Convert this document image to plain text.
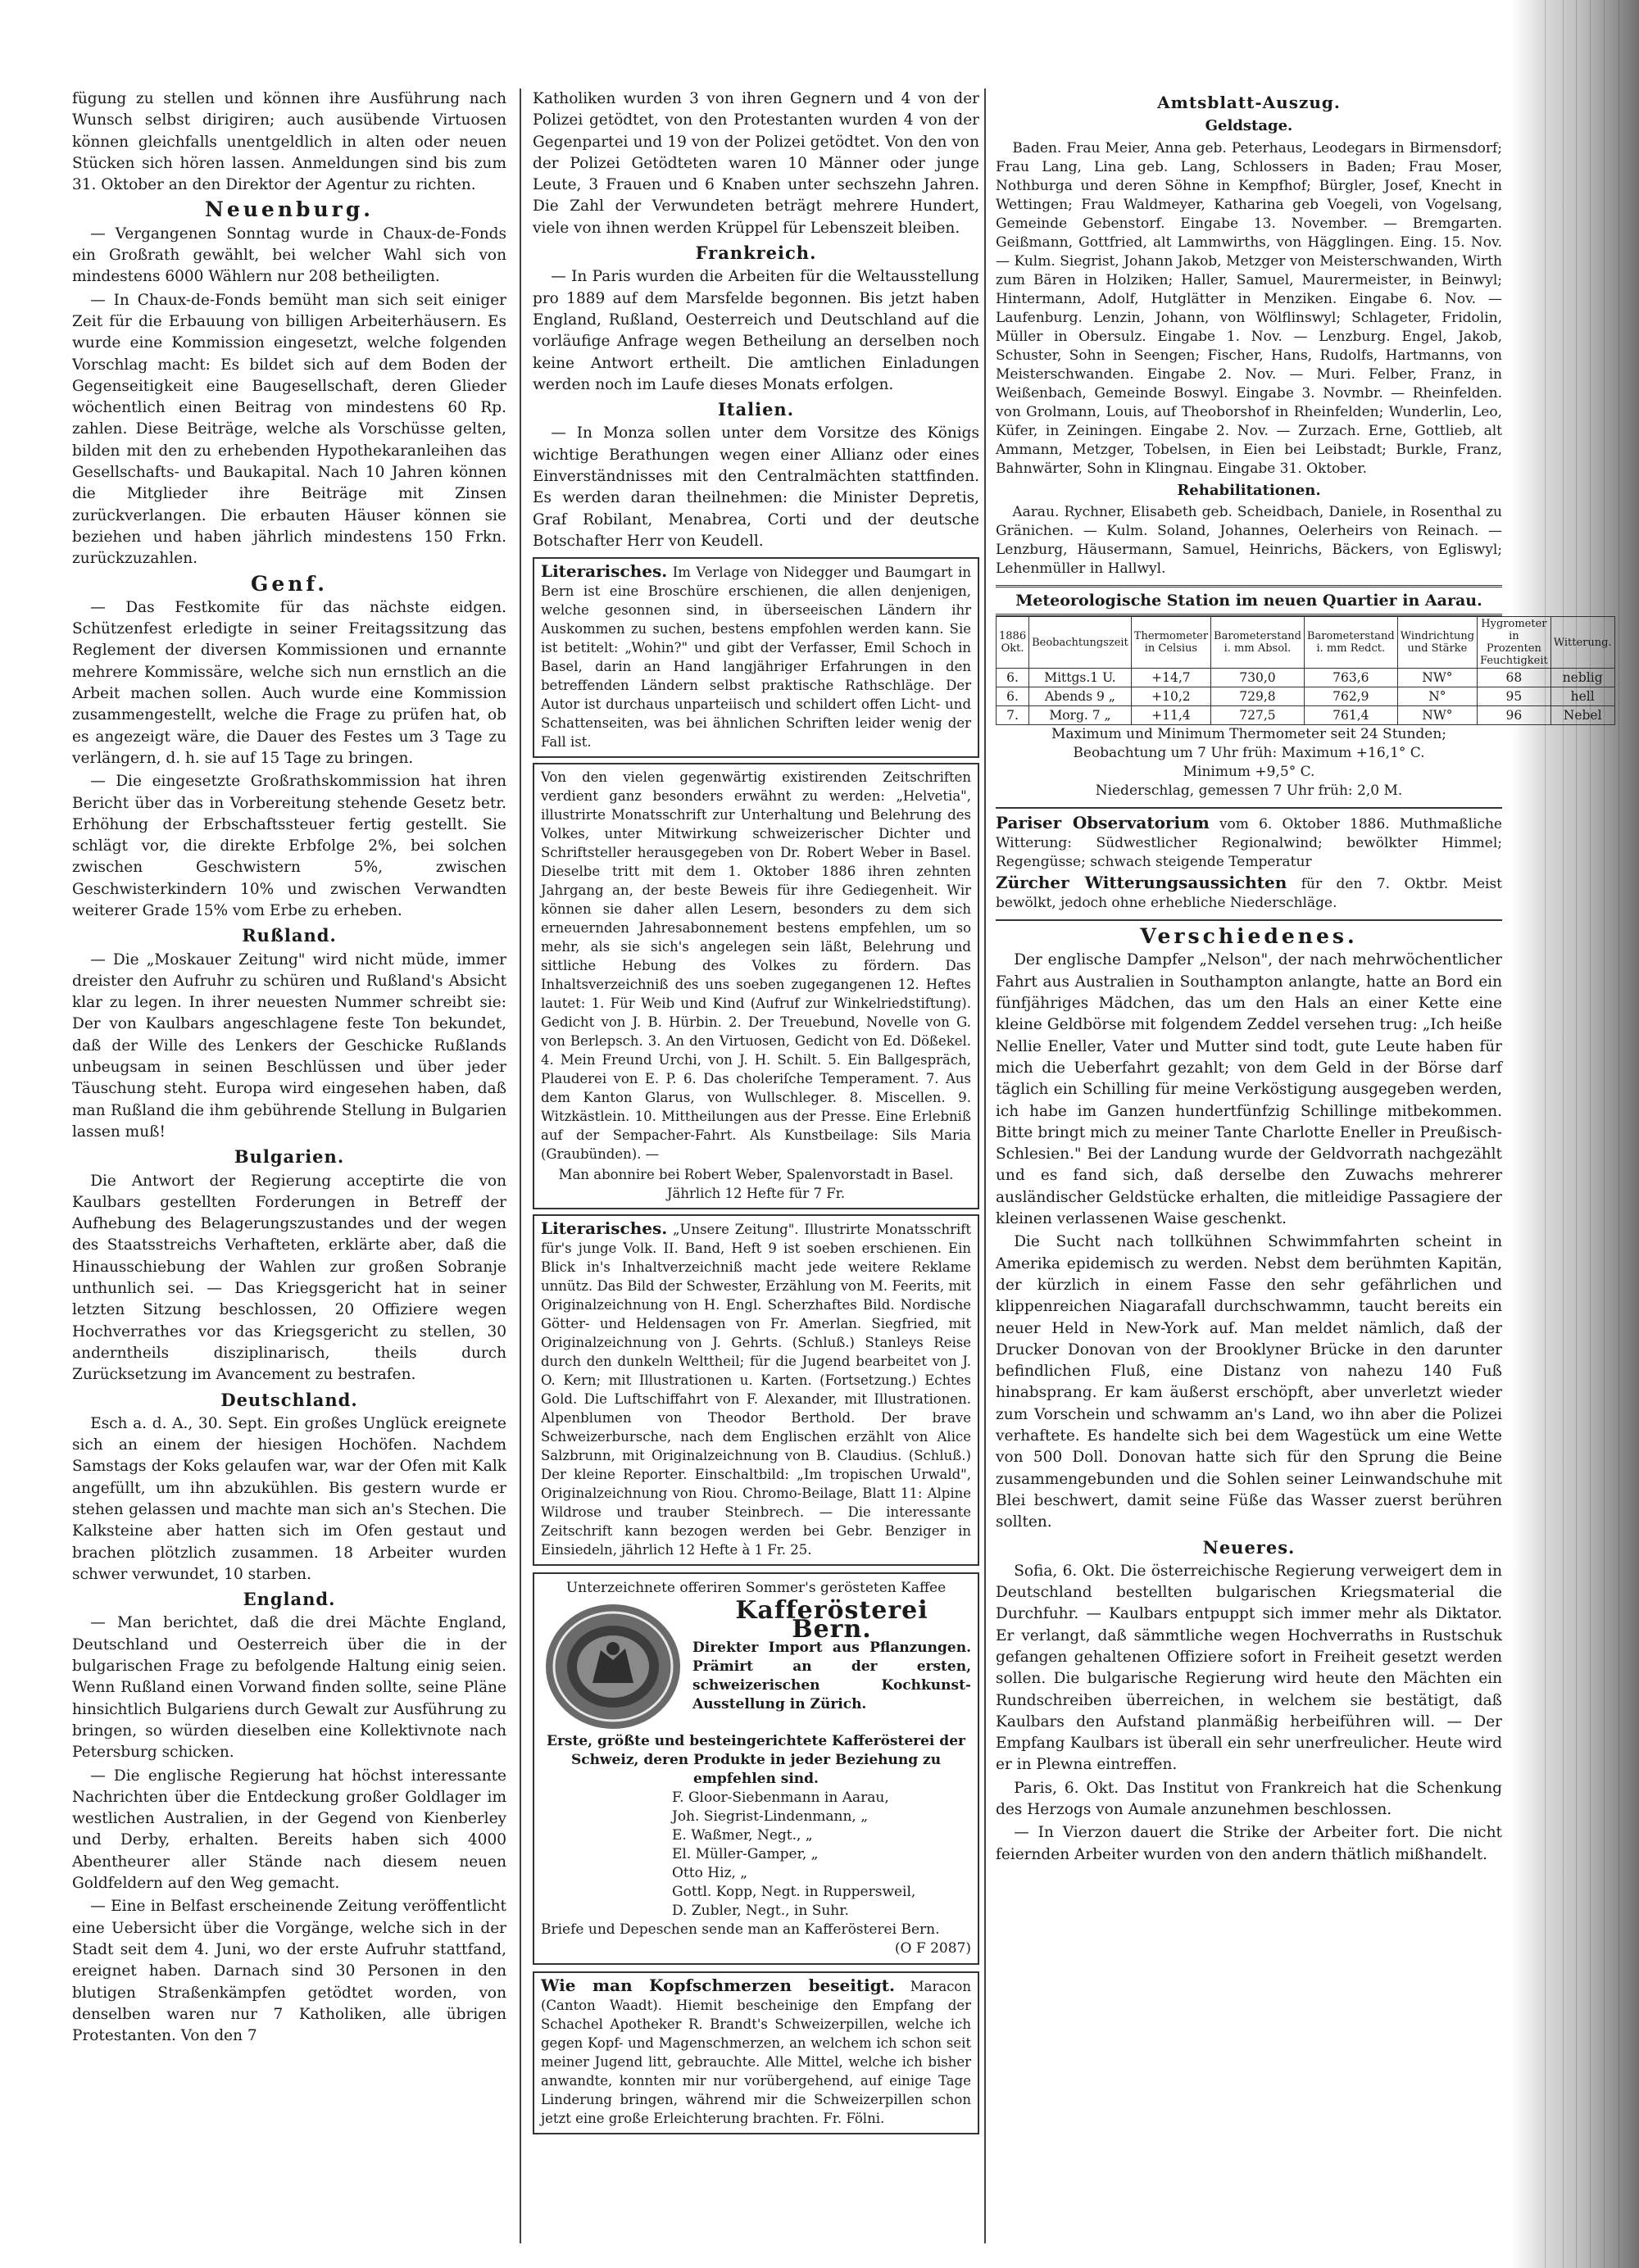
fügung zu stellen und können ihre Ausführung nach Wunsch selbst dirigiren; auch ausübende Virtuosen können gleichfalls unentgeldlich in alten oder neuen Stücken sich hören lassen. Anmeldungen sind bis zum 31. Oktober an den Direktor der Agentur zu richten.

Neuenburg.

— Vergangenen Sonntag wurde in Chaux-de-Fonds ein Großrath gewählt, bei welcher Wahl sich von mindestens 6000 Wählern nur 208 betheiligten.

— In Chaux-de-Fonds bemüht man sich seit einiger Zeit für die Erbauung von billigen Arbeiterhäusern. Es wurde eine Kommission eingesetzt, welche folgenden Vorschlag macht: Es bildet sich auf dem Boden der Gegenseitigkeit eine Baugesellschaft, deren Glieder wöchentlich einen Beitrag von mindestens 60 Rp. zahlen. Diese Beiträge, welche als Vorschüsse gelten, bilden mit den zu erhebenden Hypothekaranleihen das Gesellschafts- und Baukapital. Nach 10 Jahren können die Mitglieder ihre Beiträge mit Zinsen zurückverlangen. Die erbauten Häuser können sie beziehen und haben jährlich mindestens 150 Frkn. zurückzuzahlen.

Genf.

— Das Festkomite für das nächste eidgen. Schützenfest erledigte in seiner Freitagssitzung das Reglement der diversen Kommissionen und ernannte mehrere Kommissäre, welche sich nun ernstlich an die Arbeit machen sollen. Auch wurde eine Kommission zusammengestellt, welche die Frage zu prüfen hat, ob es angezeigt wäre, die Dauer des Festes um 3 Tage zu verlängern, d. h. sie auf 15 Tage zu bringen.

— Die eingesetzte Großrathskommission hat ihren Bericht über das in Vorbereitung stehende Gesetz betr. Erhöhung der Erbschaftssteuer fertig gestellt. Sie schlägt vor, die direkte Erbfolge 2%, bei solchen zwischen Geschwistern 5%, zwischen Geschwisterkindern 10% und zwischen Verwandten weiterer Grade 15% vom Erbe zu erheben.

Rußland.

— Die „Moskauer Zeitung" wird nicht müde, immer dreister den Aufruhr zu schüren und Rußland's Absicht klar zu legen. In ihrer neuesten Nummer schreibt sie: Der von Kaulbars angeschlagene feste Ton bekundet, daß der Wille des Lenkers der Geschicke Rußlands unbeugsam in seinen Beschlüssen und über jeder Täuschung steht. Europa wird eingesehen haben, daß man Rußland die ihm gebührende Stellung in Bulgarien lassen muß!

Bulgarien.

Die Antwort der Regierung acceptirte die von Kaulbars gestellten Forderungen in Betreff der Aufhebung des Belagerungszustandes und der wegen des Staatsstreichs Verhafteten, erklärte aber, daß die Hinausschiebung der Wahlen zur großen Sobranje unthunlich sei. — Das Kriegsgericht hat in seiner letzten Sitzung beschlossen, 20 Offiziere wegen Hochverrathes vor das Kriegsgericht zu stellen, 30 anderntheils disziplinarisch, theils durch Zurücksetzung im Avancement zu bestrafen.

Deutschland.

Esch a. d. A., 30. Sept. Ein großes Unglück ereignete sich an einem der hiesigen Hochöfen. Nachdem Samstags der Koks gelaufen war, war der Ofen mit Kalk angefüllt, um ihn abzukühlen. Bis gestern wurde er stehen gelassen und machte man sich an's Stechen. Die Kalksteine aber hatten sich im Ofen gestaut und brachen plötzlich zusammen. 18 Arbeiter wurden schwer verwundet, 10 starben.

England.

— Man berichtet, daß die drei Mächte England, Deutschland und Oesterreich über die in der bulgarischen Frage zu befolgende Haltung einig seien. Wenn Rußland einen Vorwand finden sollte, seine Pläne hinsichtlich Bulgariens durch Gewalt zur Ausführung zu bringen, so würden dieselben eine Kollektivnote nach Petersburg schicken.

— Die englische Regierung hat höchst interessante Nachrichten über die Entdeckung großer Goldlager im westlichen Australien, in der Gegend von Kienberley und Derby, erhalten. Bereits haben sich 4000 Abentheurer aller Stände nach diesem neuen Goldfeldern auf den Weg gemacht.

— Eine in Belfast erscheinende Zeitung veröffentlicht eine Uebersicht über die Vorgänge, welche sich in der Stadt seit dem 4. Juni, wo der erste Aufruhr stattfand, ereignet haben. Darnach sind 30 Personen in den blutigen Straßenkämpfen getödtet worden, von denselben waren nur 7 Katholiken, alle übrigen Protestanten. Von den 7

Katholiken wurden 3 von ihren Gegnern und 4 von der Polizei getödtet, von den Protestanten wurden 4 von der Gegenpartei und 19 von der Polizei getödtet. Von den von der Polizei Getödteten waren 10 Männer oder junge Leute, 3 Frauen und 6 Knaben unter sechszehn Jahren. Die Zahl der Verwundeten beträgt mehrere Hundert, viele von ihnen werden Krüppel für Lebenszeit bleiben.

Frankreich.

— In Paris wurden die Arbeiten für die Weltausstellung pro 1889 auf dem Marsfelde begonnen. Bis jetzt haben England, Rußland, Oesterreich und Deutschland auf die vorläufige Anfrage wegen Betheilung an derselben noch keine Antwort ertheilt. Die amtlichen Einladungen werden noch im Laufe dieses Monats erfolgen.

Italien.

— In Monza sollen unter dem Vorsitze des Königs wichtige Berathungen wegen einer Allianz oder eines Einverständnisses mit den Centralmächten stattfinden. Es werden daran theilnehmen: die Minister Depretis, Graf Robilant, Menabrea, Corti und der deutsche Botschafter Herr von Keudell.

Literarisches. Im Verlage von Nidegger und Baumgart in Bern ist eine Broschüre erschienen, die allen denjenigen, welche gesonnen sind, in überseeischen Ländern ihr Auskommen zu suchen, bestens empfohlen werden kann. Sie ist betitelt: „Wohin?" und gibt der Verfasser, Emil Schoch in Basel, darin an Hand langjähriger Erfahrungen in den betreffenden Ländern selbst praktische Rathschläge. Der Autor ist durchaus unparteiisch und schildert offen Licht- und Schattenseiten, was bei ähnlichen Schriften leider wenig der Fall ist.

Von den vielen gegenwärtig existirenden Zeitschriften verdient ganz besonders erwähnt zu werden: „Helvetia", illustrirte Monatsschrift zur Unterhaltung und Belehrung des Volkes, unter Mitwirkung schweizerischer Dichter und Schriftsteller herausgegeben von Dr. Robert Weber in Basel. Dieselbe tritt mit dem 1. Oktober 1886 ihren zehnten Jahrgang an, der beste Beweis für ihre Gediegenheit. Wir können sie daher allen Lesern, besonders zu dem sich erneuernden Jahresabonnement bestens empfehlen, um so mehr, als sie sich's angelegen sein läßt, Belehrung und sittliche Hebung des Volkes zu fördern. Das Inhaltsverzeichniß des uns soeben zugegangenen 12. Heftes lautet: 1. Für Weib und Kind (Aufruf zur Winkelriedstiftung). Gedicht von J. B. Hürbin. 2. Der Treuebund, Novelle von G. von Berlepsch. 3. An den Virtuosen, Gedicht von Ed. Dößekel. 4. Mein Freund Urchi, von J. H. Schilt. 5. Ein Ballgespräch, Plauderei von E. P. 6. Das choleriſche Temperament. 7. Aus dem Kanton Glarus, von Wullschleger. 8. Miscellen. 9. Witzkästlein. 10. Mittheilungen aus der Presse. Eine Erlebniß auf der Sempacher-Fahrt. Als Kunstbeilage: Sils Maria (Graubünden). —

Man abonnire bei Robert Weber, Spalenvorstadt in Basel. Jährlich 12 Hefte für 7 Fr.

Literarisches. „Unsere Zeitung". Illustrirte Monatsschrift für's junge Volk. II. Band, Heft 9 ist soeben erschienen. Ein Blick in's Inhaltverzeichniß macht jede weitere Reklame unnütz. Das Bild der Schwester, Erzählung von M. Feerits, mit Originalzeichnung von H. Engl. Scherzhaftes Bild. Nordische Götter- und Heldensagen von Fr. Amerlan. Siegfried, mit Originalzeichnung von J. Gehrts. (Schluß.) Stanleys Reise durch den dunkeln Welttheil; für die Jugend bearbeitet von J. O. Kern; mit Illustrationen u. Karten. (Fortsetzung.) Echtes Gold. Die Luftschiffahrt von F. Alexander, mit Illustrationen. Alpenblumen von Theodor Berthold. Der brave Schweizerbursche, nach dem Englischen erzählt von Alice Salzbrunn, mit Originalzeichnung von B. Claudius. (Schluß.) Der kleine Reporter. Einschaltbild: „Im tropischen Urwald", Originalzeichnung von Riou. Chromo-Beilage, Blatt 11: Alpine Wildrose und trauber Steinbrech. — Die interessante Zeitschrift kann bezogen werden bei Gebr. Benziger in Einsiedeln, jährlich 12 Hefte à 1 Fr. 25.

Unterzeichnete offeriren Sommer's gerösteten Kaffee
Kafferösterei Bern.
Direkter Import aus Pflanzungen. Prämirt an der ersten, schweizerischen Kochkunst-Ausstellung in Zürich.
Erste, größte und besteingerichtete Kafferösterei der Schweiz, deren Produkte in jeder Beziehung zu empfehlen sind.
F. Gloor-Siebenmann in Aarau,
Joh. Siegrist-Lindenmann, „
E. Waßmer, Negt., „
El. Müller-Gamper, „
Otto Hiz, „
Gottl. Kopp, Negt. in Ruppersweil,
D. Zubler, Negt., in Suhr.
Briefe und Depeschen sende man an Kafferösterei Bern.
(O F 2087)

Wie man Kopfschmerzen beseitigt. Maracon (Canton Waadt). Hiemit bescheinige den Empfang der Schachel Apotheker R. Brandt's Schweizerpillen, welche ich gegen Kopf- und Magenschmerzen, an welchem ich schon seit meiner Jugend litt, gebrauchte. Alle Mittel, welche ich bisher anwandte, konnten mir nur vorübergehend, auf einige Tage Linderung bringen, während mir die Schweizerpillen schon jetzt eine große Erleichterung brachten. Fr. Fölni.

Amtsblatt-Auszug.
Geldstage.

Baden. Frau Meier, Anna geb. Peterhaus, Leodegars in Birmensdorf; Frau Lang, Lina geb. Lang, Schlossers in Baden; Frau Moser, Nothburga und deren Söhne in Kempfhof; Bürgler, Josef, Knecht in Wettingen; Frau Waldmeyer, Katharina geb Voegeli, von Vogelsang, Gemeinde Gebenstorf. Eingabe 13. November. — Bremgarten. Geißmann, Gottfried, alt Lammwirths, von Hägglingen. Eing. 15. Nov. — Kulm. Siegrist, Johann Jakob, Metzger von Meisterschwanden, Wirth zum Bären in Holziken; Haller, Samuel, Maurermeister, in Beinwyl; Hintermann, Adolf, Hutglätter in Menziken. Eingabe 6. Nov. — Laufenburg. Lenzin, Johann, von Wölflinswyl; Schlageter, Fridolin, Müller in Obersulz. Eingabe 1. Nov. — Lenzburg. Engel, Jakob, Schuster, Sohn in Seengen; Fischer, Hans, Rudolfs, Hartmanns, von Meisterschwanden. Eingabe 2. Nov. — Muri. Felber, Franz, in Weißenbach, Gemeinde Boswyl. Eingabe 3. Novmbr. — Rheinfelden. von Grolmann, Louis, auf Theoborshof in Rheinfelden; Wunderlin, Leo, Küfer, in Zeiningen. Eingabe 2. Nov. — Zurzach. Erne, Gottlieb, alt Ammann, Metzger, Tobelsen, in Eien bei Leibstadt; Burkle, Franz, Bahnwärter, Sohn in Klingnau. Eingabe 31. Oktober.

Rehabilitationen.

Aarau. Rychner, Elisabeth geb. Scheidbach, Daniele, in Rosenthal zu Gränichen. — Kulm. Soland, Johannes, Oelerheirs von Reinach. — Lenzburg, Häusermann, Samuel, Heinrichs, Bäckers, von Egliswyl; Lehenmüller in Hallwyl.

Meteorologische Station im neuen Quartier in Aarau.
1886 Okt.	Beobachtungszeit	Thermometer in Celsius	Barometerstand i. mm Absol.	Barometerstand i. mm Redct.	Windrichtung und Stärke	Hygrometer in Prozenten Feuchtigkeit	Witterung.
6.	Mittgs.1 U.	+14,7	730,0	763,6	NW°	68	neblig
6.	Abends 9 „	+10,2	729,8	762,9	N°	95	hell
7.	Morg. 7 „	+11,4	727,5	761,4	NW°	96	Nebel
Maximum und Minimum Thermometer seit 24 Stunden;
Beobachtung um 7 Uhr früh: Maximum +16,1° C.
Minimum +9,5° C.
Niederschlag, gemessen 7 Uhr früh: 2,0 M.

Pariser Observatorium vom 6. Oktober 1886. Muthmaßliche Witterung: Südwestlicher Regionalwind; bewölkter Himmel; Regengüsse; schwach steigende Temperatur

Zürcher Witterungsaussichten für den 7. Oktbr. Meist bewölkt, jedoch ohne erhebliche Niederschläge.

Verschiedenes.

Der englische Dampfer „Nelson", der nach mehrwöchentlicher Fahrt aus Australien in Southampton anlangte, hatte an Bord ein fünfjähriges Mädchen, das um den Hals an einer Kette eine kleine Geldbörse mit folgendem Zeddel versehen trug: „Ich heiße Nellie Eneller, Vater und Mutter sind todt, gute Leute haben für mich die Ueberfahrt gezahlt; von dem Geld in der Börse darf täglich ein Schilling für meine Verköstigung ausgegeben werden, ich habe im Ganzen hundertfünfzig Schillinge mitbekommen. Bitte bringt mich zu meiner Tante Charlotte Eneller in Preußisch-Schlesien." Bei der Landung wurde der Geldvorrath nachgezählt und es fand sich, daß derselbe den Zuwachs mehrerer ausländischer Geldstücke erhalten, die mitleidige Passagiere der kleinen verlassenen Waise geschenkt.

Die Sucht nach tollkühnen Schwimmfahrten scheint in Amerika epidemisch zu werden. Nebst dem berühmten Kapitän, der kürzlich in einem Fasse den sehr gefährlichen und klippenreichen Niagarafall durchschwammn, taucht bereits ein neuer Held in New-York auf. Man meldet nämlich, daß der Drucker Donovan von der Brooklyner Brücke in den darunter befindlichen Fluß, eine Distanz von nahezu 140 Fuß hinabsprang. Er kam äußerst erschöpft, aber unverletzt wieder zum Vorschein und schwamm an's Land, wo ihn aber die Polizei verhaftete. Es handelte sich bei dem Wagestück um eine Wette von 500 Doll. Donovan hatte sich für den Sprung die Beine zusammengebunden und die Sohlen seiner Leinwandschuhe mit Blei beschwert, damit seine Füße das Wasser zuerst berühren sollten.

Neueres.

Sofia, 6. Okt. Die österreichische Regierung verweigert dem in Deutschland bestellten bulgarischen Kriegsmaterial die Durchfuhr. — Kaulbars entpuppt sich immer mehr als Diktator. Er verlangt, daß sämmtliche wegen Hochverraths in Rustschuk gefangen gehaltenen Offiziere sofort in Freiheit gesetzt werden sollen. Die bulgarische Regierung wird heute den Mächten ein Rundschreiben überreichen, in welchem sie bestätigt, daß Kaulbars den Aufstand planmäßig herbeiführen will. — Der Empfang Kaulbars ist überall ein sehr unerfreulicher. Heute wird er in Plewna eintreffen.

Paris, 6. Okt. Das Institut von Frankreich hat die Schenkung des Herzogs von Aumale anzunehmen beschlossen.

— In Vierzon dauert die Strike der Arbeiter fort. Die nicht feiernden Arbeiter wurden von den andern thätlich mißhandelt.
